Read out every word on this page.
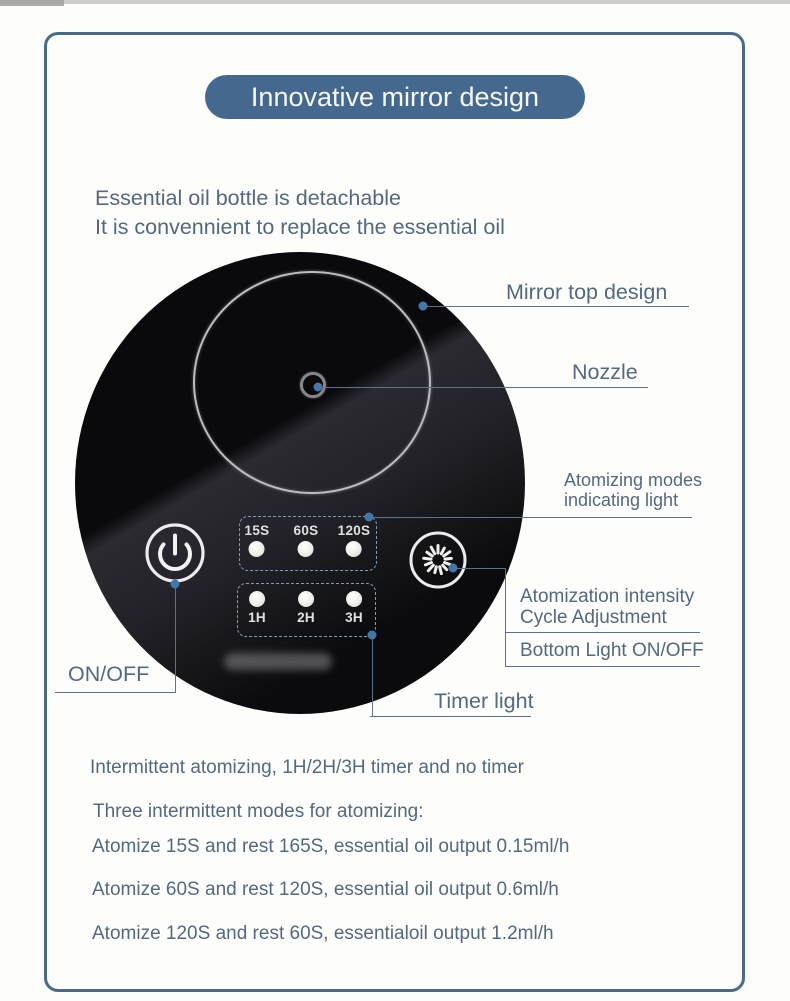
Innovative mirror design
Essential oil bottle is detachable
It is convennient to replace the essential oil
15S 60S 120S
1H 2H 3H
Mirror top design
Nozzle
Atomizing modes
indicating light
Atomization intensity
Cycle Adjustment
Bottom Light ON/OFF
ON/OFF
Timer light
Intermittent atomizing, 1H/2H/3H timer and no timer
Three intermittent modes for atomizing:
Atomize 15S and rest 165S, essential oil output 0.15ml/h
Atomize 60S and rest 120S, essential oil output 0.6ml/h
Atomize 120S and rest 60S, essentialoil output 1.2ml/h
